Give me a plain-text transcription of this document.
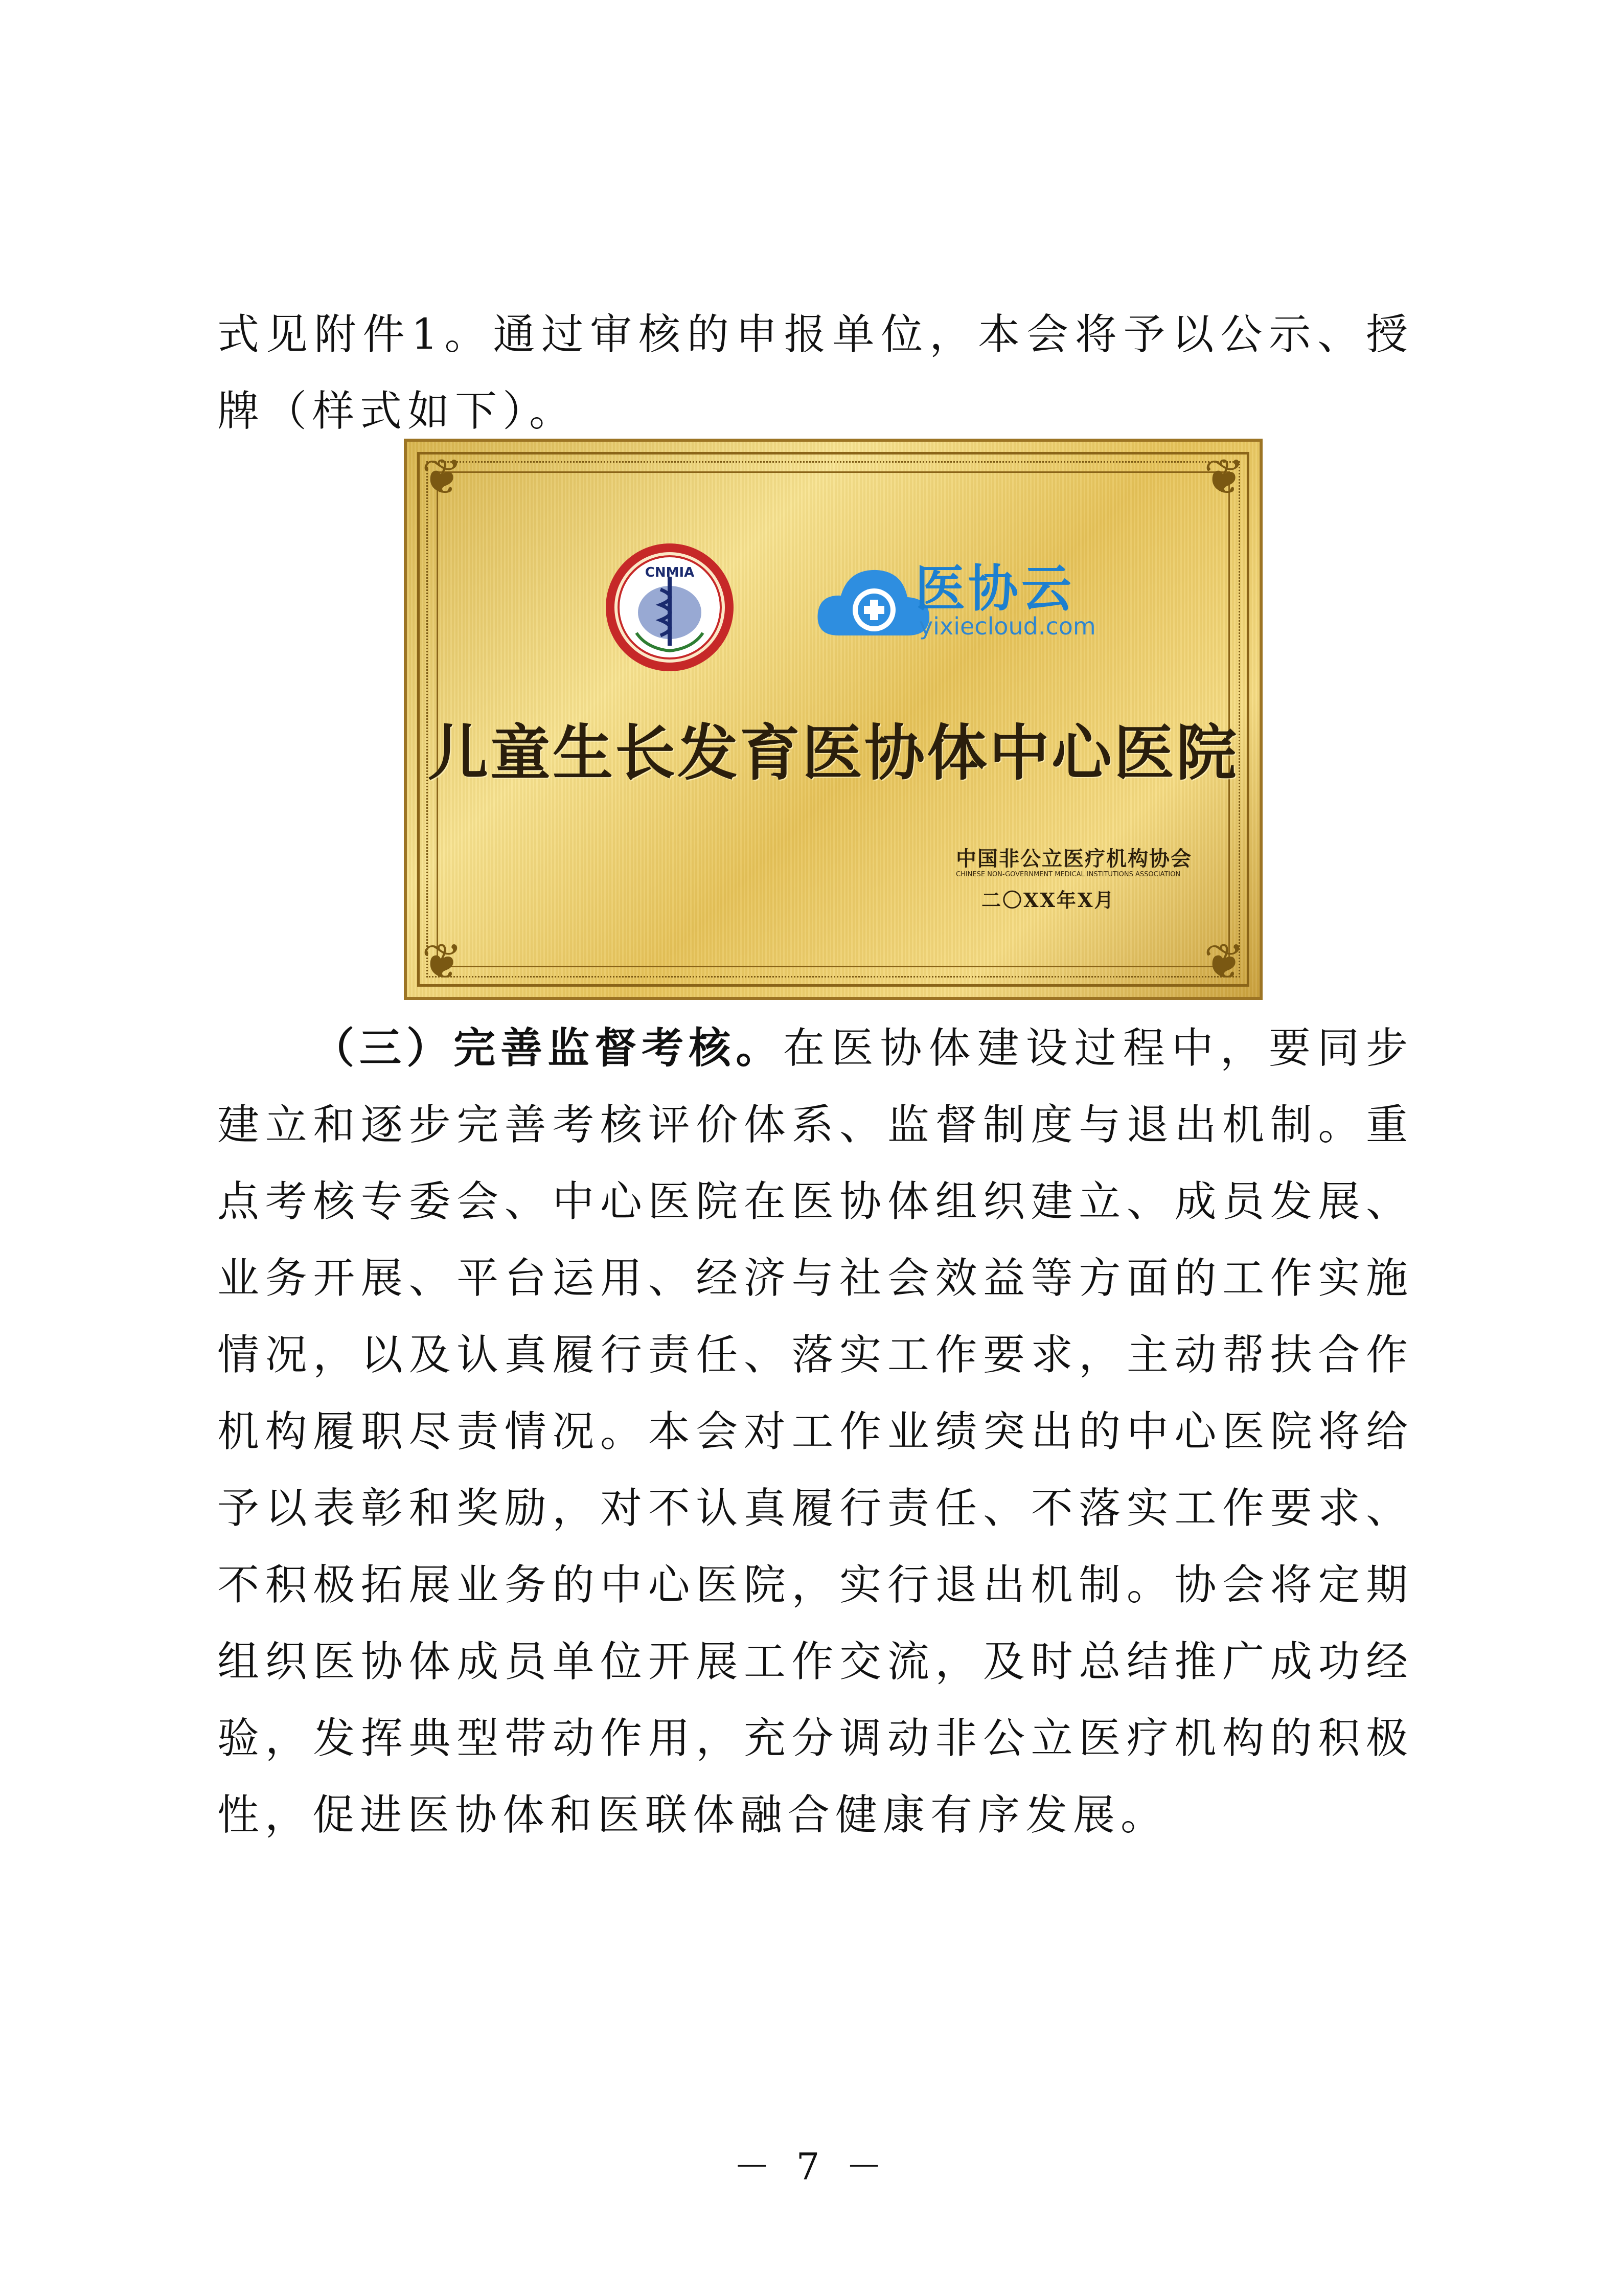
式见附件1。通过审核的申报单位，本会将予以公示、授牌（样式如下）。

❦	❦
❦	❦
CNMIA	医协云
yixiecloud.com
儿童生长发育医协体中心医院
中国非公立医疗机构协会
CHINESE NON-GOVERNMENT MEDICAL INSTITUTIONS ASSOCIATION
二〇XX年X月

（三）完善监督考核。在医协体建设过程中，要同步建立和逐步完善考核评价体系、监督制度与退出机制。重点考核专委会、中心医院在医协体组织建立、成员发展、业务开展、平台运用、经济与社会效益等方面的工作实施情况，以及认真履行责任、落实工作要求，主动帮扶合作机构履职尽责情况。本会对工作业绩突出的中心医院将给予以表彰和奖励，对不认真履行责任、不落实工作要求、不积极拓展业务的中心医院，实行退出机制。协会将定期组织医协体成员单位开展工作交流，及时总结推广成功经验，发挥典型带动作用，充分调动非公立医疗机构的积极性，促进医协体和医联体融合健康有序发展。

－ 7 －
